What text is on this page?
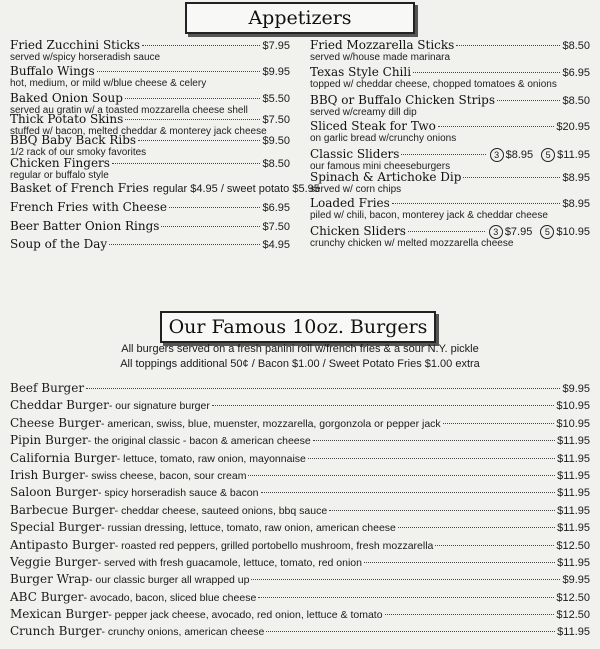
Appetizers
Fried Zucchini Sticks	$7.95
served w/spicy horseradish sauce
Buffalo Wings	$9.95
hot, medium, or mild w/blue cheese & celery
Baked Onion Soup	$5.50
served au gratin w/ a toasted mozzarella cheese shell
Thick Potato Skins	$7.50
stuffed w/ bacon, melted cheddar & monterey jack cheese
BBQ Baby Back Ribs	$9.50
1/2 rack of our smoky favorites
Chicken Fingers	$8.50
regular or buffalo style
Basket of French Fries regular $4.95 / sweet potato $5.95
French Fries with Cheese	$6.95
Beer Batter Onion Rings	$7.50
Soup of the Day	$4.95
Fried Mozzarella Sticks	$8.50
served w/house made marinara
Texas Style Chili	$6.95
topped w/ cheddar cheese, chopped tomatoes & onions
BBQ or Buffalo Chicken Strips	$8.50
served w/creamy dill dip
Sliced Steak for Two	$20.95
on garlic bread w/crunchy onions
Classic Sliders	3 $8.95	5 $11.95
our famous mini cheeseburgers
Spinach & Artichoke Dip	$8.95
served w/ corn chips
Loaded Fries	$8.95
piled w/ chili, bacon, monterey jack & cheddar cheese
Chicken Sliders	3 $7.95	5 $10.95
crunchy chicken w/ melted mozzarella cheese
Our Famous 10oz. Burgers
All burgers served on a fresh panini roll w/french fries & a sour N.Y. pickle
All toppings additional 50¢ / Bacon $1.00 / Sweet Potato Fries $1.00 extra
Beef Burger	$9.95
Cheddar Burger - our signature burger	$10.95
Cheese Burger - american, swiss, blue, muenster, mozzarella, gorgonzola or pepper jack	$10.95
Pipin Burger - the original classic - bacon & american cheese	$11.95
California Burger - lettuce, tomato, raw onion, mayonnaise	$11.95
Irish Burger - swiss cheese, bacon, sour cream	$11.95
Saloon Burger - spicy horseradish sauce & bacon	$11.95
Barbecue Burger - cheddar cheese, sauteed onions, bbq sauce	$11.95
Special Burger - russian dressing, lettuce, tomato, raw onion, american cheese	$11.95
Antipasto Burger - roasted red peppers, grilled portobello mushroom, fresh mozzarella	$12.50
Veggie Burger - served with fresh guacamole, lettuce, tomato, red onion	$11.95
Burger Wrap - our classic burger all wrapped up	$9.95
ABC Burger - avocado, bacon, sliced blue cheese	$12.50
Mexican Burger - pepper jack cheese, avocado, red onion, lettuce & tomato	$12.50
Crunch Burger - crunchy onions, american cheese	$11.95
